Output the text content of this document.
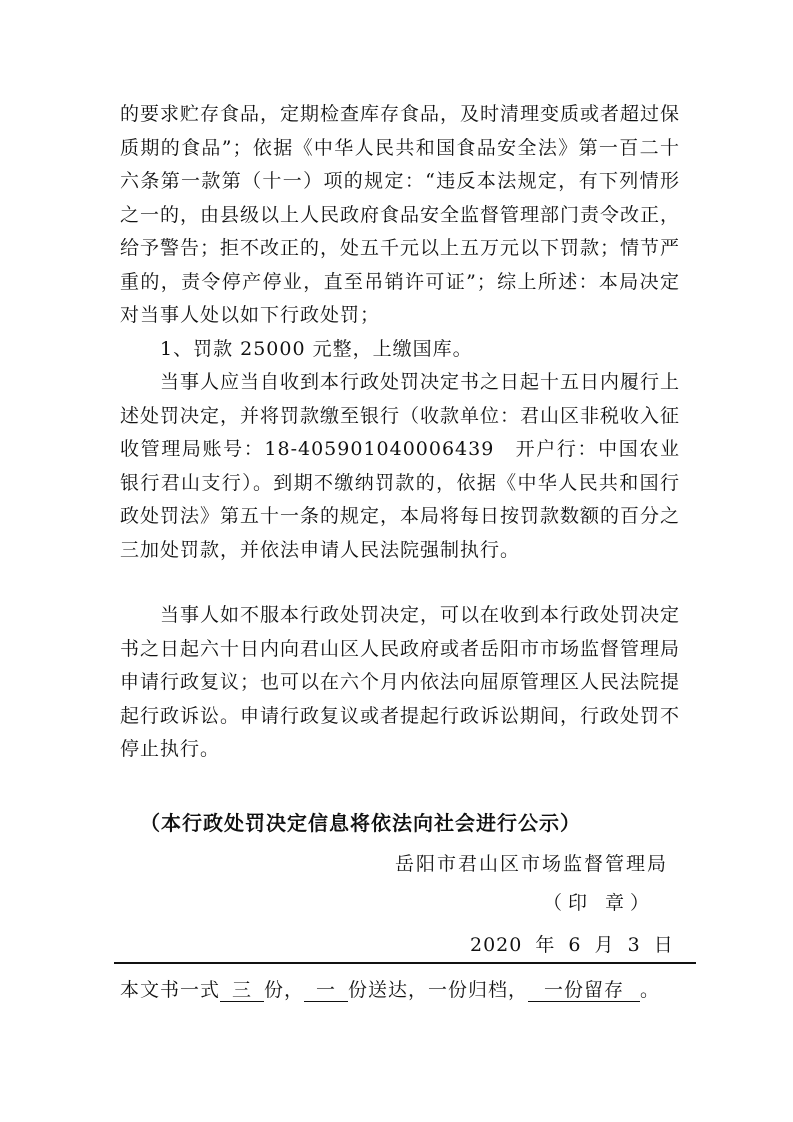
的要求贮存食品，定期检查库存食品，及时清理变质或者超过保质期的食品”；依据《中华人民共和国食品安全法》第一百二十六条第一款第（十一）项的规定：“违反本法规定，有下列情形之一的，由县级以上人民政府食品安全监督管理部门责令改正，给予警告；拒不改正的，处五千元以上五万元以下罚款；情节严重的，责令停产停业，直至吊销许可证”；综上所述：本局决定对当事人处以如下行政处罚；

1、罚款 25000 元整，上缴国库。

当事人应当自收到本行政处罚决定书之日起十五日内履行上述处罚决定，并将罚款缴至银行（收款单位：君山区非税收入征收管理局账号：18-405901040006439　开户行：中国农业银行君山支行）。到期不缴纳罚款的，依据《中华人民共和国行政处罚法》第五十一条的规定，本局将每日按罚款数额的百分之三加处罚款，并依法申请人民法院强制执行。

当事人如不服本行政处罚决定，可以在收到本行政处罚决定书之日起六十日内向君山区人民政府或者岳阳市市场监督管理局申请行政复议；也可以在六个月内依法向屈原管理区人民法院提起行政诉讼。申请行政复议或者提起行政诉讼期间，行政处罚不停止执行。

（本行政处罚决定信息将依法向社会进行公示）
岳阳市君山区市场监督管理局
（印 章）
2020 年 6 月 3 日
本文书一式 三 份， 一 份送达，一份归档， 一份留存 。
